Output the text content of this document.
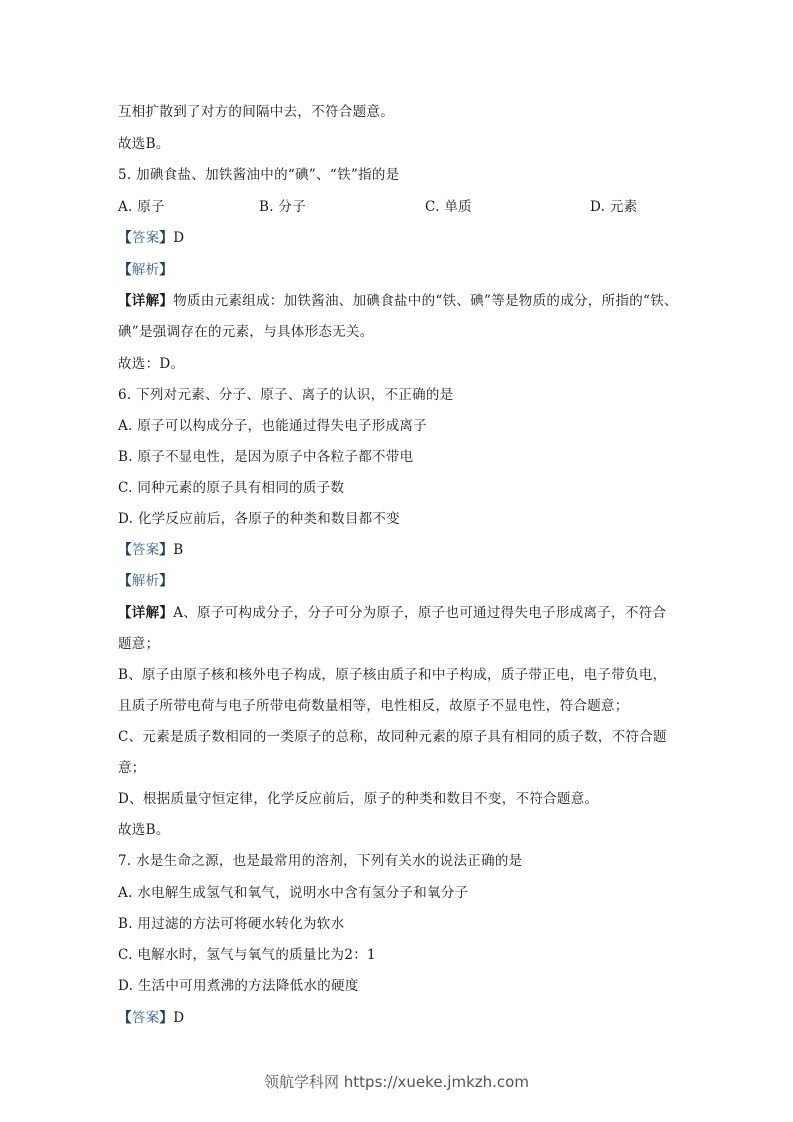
互相扩散到了对方的间隔中去，不符合题意。
故选B。
5. 加碘食盐、加铁酱油中的“碘”、“铁”指的是
A. 原子	B. 分子	C. 单质	D. 元素
【答案】D
【解析】
【详解】物质由元素组成：加铁酱油、加碘食盐中的“铁、碘”等是物质的成分，所指的“铁、
碘”是强调存在的元素，与具体形态无关。
故选：D。
6. 下列对元素、分子、原子、离子的认识，不正确的是
A. 原子可以构成分子，也能通过得失电子形成离子
B. 原子不显电性，是因为原子中各粒子都不带电
C. 同种元素的原子具有相同的质子数
D. 化学反应前后，各原子的种类和数目都不变
【答案】B
【解析】
【详解】A、原子可构成分子，分子可分为原子，原子也可通过得失电子形成离子，不符合
题意；
B、原子由原子核和核外电子构成，原子核由质子和中子构成，质子带正电，电子带负电，
且质子所带电荷与电子所带电荷数量相等，电性相反，故原子不显电性，符合题意；
C、元素是质子数相同的一类原子的总称，故同种元素的原子具有相同的质子数，不符合题
意；
D、根据质量守恒定律，化学反应前后，原子的种类和数目不变，不符合题意。
故选B。
7. 水是生命之源，也是最常用的溶剂，下列有关水的说法正确的是
A. 水电解生成氢气和氧气，说明水中含有氢分子和氧分子
B. 用过滤的方法可将硬水转化为软水
C. 电解水时，氢气与氧气的质量比为2：1
D. 生活中可用煮沸的方法降低水的硬度
【答案】D
领航学科网 https://xueke.jmkzh.com
